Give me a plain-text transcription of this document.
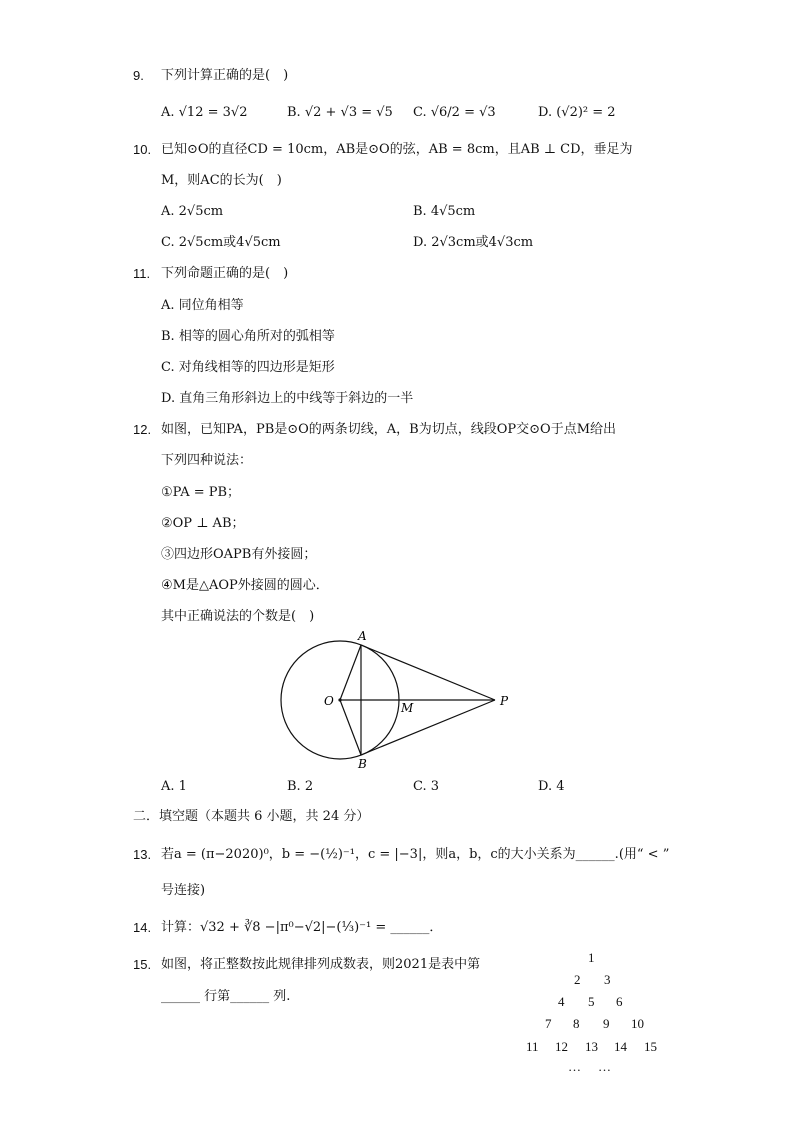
9. 下列计算正确的是(　)
A. √12 = 3√2	B. √2 + √3 = √5 C. √6/2 = √3	D. (√2)² = 2
10. 已知⊙O的直径CD = 10cm，AB是⊙O的弦，AB = 8cm，且AB ⊥ CD，垂足为
M，则AC的长为(　)
A. 2√5cm	B. 4√5cm
C. 2√5cm或4√5cm	D. 2√3cm或4√3cm
11. 下列命题正确的是(　)
A. 同位角相等
B. 相等的圆心角所对的弧相等
C. 对角线相等的四边形是矩形
D. 直角三角形斜边上的中线等于斜边的一半
12. 如图，已知PA，PB是⊙O的两条切线，A，B为切点，线段OP交⊙O于点M给出
下列四种说法：
①PA = PB；
②OP ⊥ AB；
③四边形OAPB有外接圆；
④M是△AOP外接圆的圆心．
其中正确说法的个数是(　)
A
B
O	M	P
A. 1	B. 2	C. 3	D. 4
二．填空题（本题共 6 小题，共 24 分）
13. 若a = (π−2020)⁰，b = −(½)⁻¹，c = |−3|，则a，b，c的大小关系为______.(用“ < ”
号连接)
14. 计算：√32 + ∛8 −|π⁰−√2|−(⅓)⁻¹ = ______．
15. 如图，将正整数按此规律排列成数表，则2021是表中第
______ 行第______ 列.
1
2 3
4 5 6
7 8 9 10
11 12 13 14 15
… …
